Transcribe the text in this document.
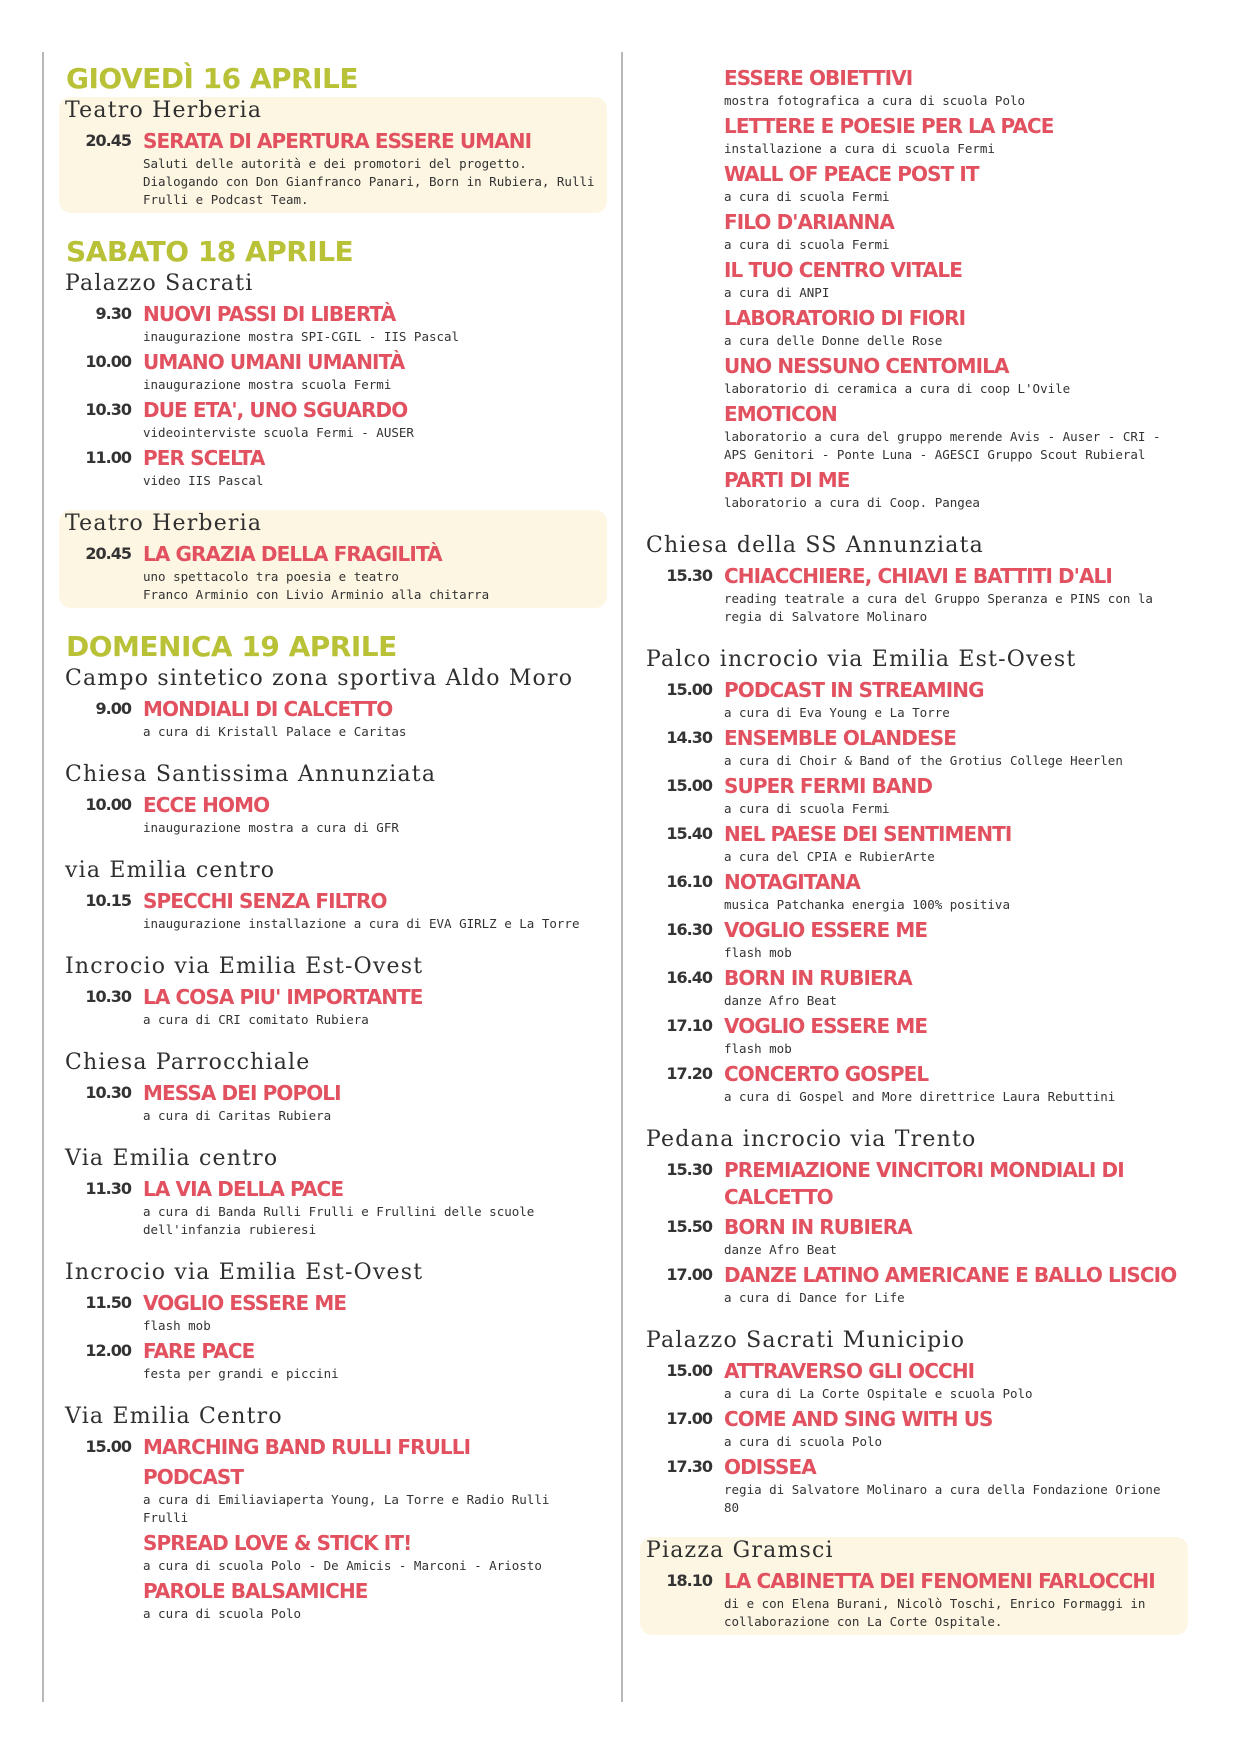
GIOVEDÌ 16 APRILE
Teatro Herberia
20.45 SERATA DI APERTURA ESSERE UMANI
Saluti delle autorità e dei promotori del progetto.
Dialogando con Don Gianfranco Panari, Born in Rubiera, Rulli Frulli e Podcast Team.
SABATO 18 APRILE
Palazzo Sacrati
9.30 NUOVI PASSI DI LIBERTÀ
inaugurazione mostra SPI-CGIL - IIS Pascal
10.00 UMANO UMANI UMANITÀ
inaugurazione mostra scuola Fermi
10.30 DUE ETA', UNO SGUARDO
videointerviste scuola Fermi - AUSER
11.00 PER SCELTA
video IIS Pascal
Teatro Herberia
20.45 LA GRAZIA DELLA FRAGILITÀ
uno spettacolo tra poesia e teatro
Franco Arminio con Livio Arminio alla chitarra
DOMENICA 19 APRILE
Campo sintetico zona sportiva Aldo Moro
9.00 MONDIALI DI CALCETTO
a cura di Kristall Palace e Caritas
Chiesa Santissima Annunziata
10.00 ECCE HOMO
inaugurazione mostra a cura di GFR
via Emilia centro
10.15 SPECCHI SENZA FILTRO
inaugurazione installazione a cura di EVA GIRLZ e La Torre
Incrocio via Emilia Est-Ovest
10.30 LA COSA PIU' IMPORTANTE
a cura di CRI comitato Rubiera
Chiesa Parrocchiale
10.30 MESSA DEI POPOLI
a cura di Caritas Rubiera
Via Emilia centro
11.30 LA VIA DELLA PACE
a cura di Banda Rulli Frulli e Frullini delle scuole dell'infanzia rubieresi
Incrocio via Emilia Est-Ovest
11.50 VOGLIO ESSERE ME
flash mob
12.00 FARE PACE
festa per grandi e piccini
Via Emilia Centro
15.00 MARCHING BAND RULLI FRULLI
PODCAST
a cura di Emiliaviaperta Young, La Torre e Radio Rulli Frulli
SPREAD LOVE & STICK IT!
a cura di scuola Polo - De Amicis - Marconi - Ariosto
PAROLE BALSAMICHE
a cura di scuola Polo
ESSERE OBIETTIVI
mostra fotografica a cura di scuola Polo
LETTERE E POESIE PER LA PACE
installazione a cura di scuola Fermi
WALL OF PEACE POST IT
a cura di scuola Fermi
FILO D'ARIANNA
a cura di scuola Fermi
IL TUO CENTRO VITALE
a cura di ANPI
LABORATORIO DI FIORI
a cura delle Donne delle Rose
UNO NESSUNO CENTOMILA
laboratorio di ceramica a cura di coop L'Ovile
EMOTICON
laboratorio a cura del gruppo merende Avis - Auser - CRI - APS Genitori - Ponte Luna - AGESCI Gruppo Scout Rubieral
PARTI DI ME
laboratorio a cura di Coop. Pangea
Chiesa della SS Annunziata
15.30 CHIACCHIERE, CHIAVI E BATTITI D'ALI
reading teatrale a cura del Gruppo Speranza e PINS con la regia di Salvatore Molinaro
Palco incrocio via Emilia Est-Ovest
15.00 PODCAST IN STREAMING
a cura di Eva Young e La Torre
14.30 ENSEMBLE OLANDESE
a cura di Choir & Band of the Grotius College Heerlen
15.00 SUPER FERMI BAND
a cura di scuola Fermi
15.40 NEL PAESE DEI SENTIMENTI
a cura del CPIA e RubierArte
16.10 NOTAGITANA
musica Patchanka energia 100% positiva
16.30 VOGLIO ESSERE ME
flash mob
16.40 BORN IN RUBIERA
danze Afro Beat
17.10 VOGLIO ESSERE ME
flash mob
17.20 CONCERTO GOSPEL
a cura di Gospel and More direttrice Laura Rebuttini
Pedana incrocio via Trento
15.30 PREMIAZIONE VINCITORI MONDIALI DI CALCETTO
15.50 BORN IN RUBIERA
danze Afro Beat
17.00 DANZE LATINO AMERICANE E BALLO LISCIO
a cura di Dance for Life
Palazzo Sacrati Municipio
15.00 ATTRAVERSO GLI OCCHI
a cura di La Corte Ospitale e scuola Polo
17.00 COME AND SING WITH US
a cura di scuola Polo
17.30 ODISSEA
regia di Salvatore Molinaro a cura della Fondazione Orione 80
Piazza Gramsci
18.10 LA CABINETTA DEI FENOMENI FARLOCCHI
di e con Elena Burani, Nicolò Toschi, Enrico Formaggi in collaborazione con La Corte Ospitale.
